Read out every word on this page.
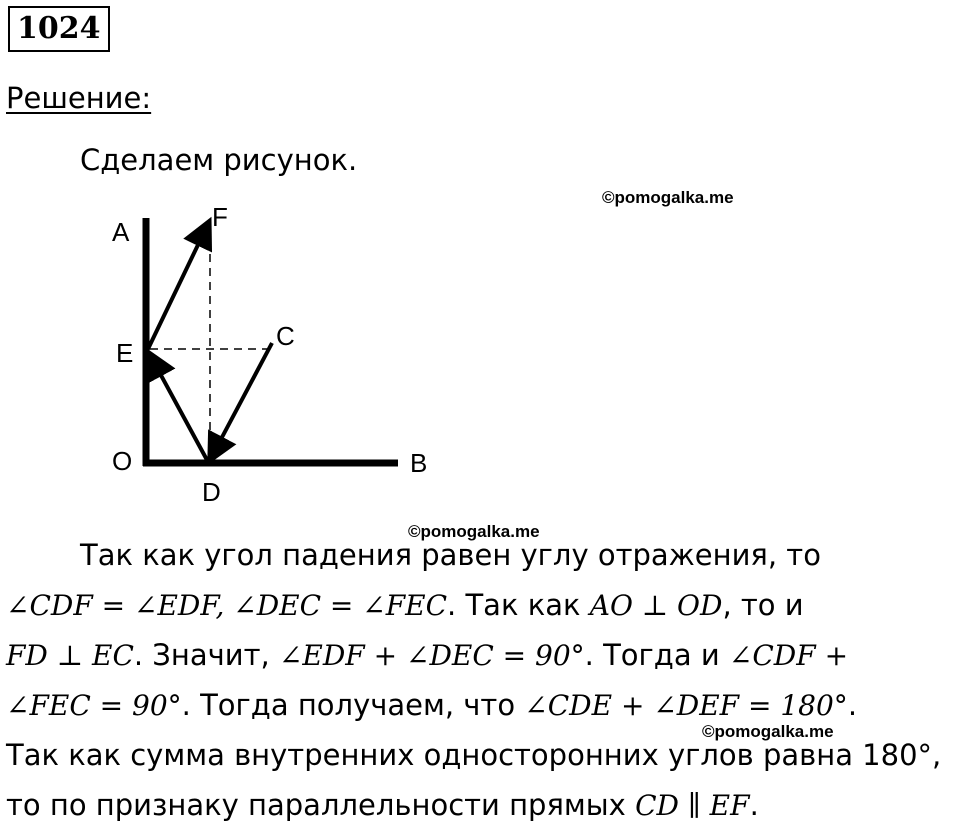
1024
Решение:
Сделаем рисунок.
©pomogalka.me
A	F
C
E
O	B
D
Так как угол падения равен углу отражения, то
∠CDF = ∠EDF, ∠DEC = ∠FEC. Так как AO ⊥ OD, то и
FD ⊥ EC. Значит, ∠EDF + ∠DEC = 90°. Тогда и ∠CDF +
∠FEC = 90°. Тогда получаем, что ∠CDE + ∠DEF = 180°.
Так как сумма внутренних односторонних углов равна 180°,
то по признаку параллельности прямых CD ∥ EF.
©pomogalka.me
©pomogalka.me
